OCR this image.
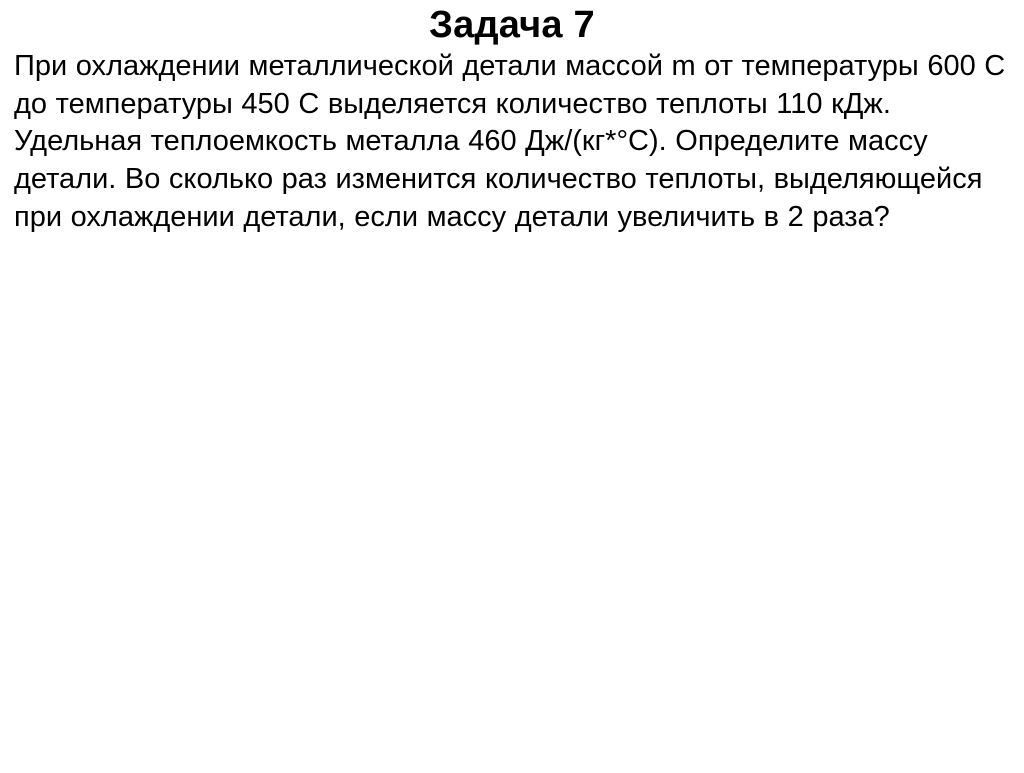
Задача 7

При охлаждении металлической детали массой m от температуры 600 С до температуры 450 С выделяется количество теплоты 110 кДж. Удельная теплоемкость металла 460 Дж/(кг*°С). Определите массу детали. Во сколько раз изменится количество теплоты, выделяющейся при охлаждении детали, если массу детали увеличить в 2 раза?
